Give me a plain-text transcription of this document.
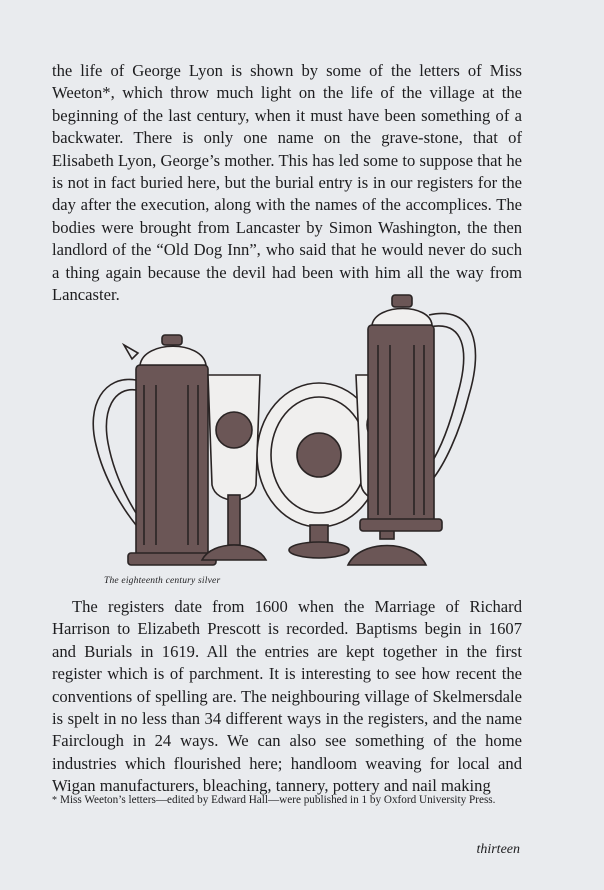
the life of George Lyon is shown by some of the letters of Miss Weeton*, which throw much light on the life of the village at the beginning of the last century, when it must have been something of a backwater. There is only one name on the grave-stone, that of Elisabeth Lyon, George’s mother. This has led some to suppose that he is not in fact buried here, but the burial entry is in our registers for the day after the execution, along with the names of the accomplices. The bodies were brought from Lancaster by Simon Washington, the then landlord of the “Old Dog Inn”, who said that he would never do such a thing again because the devil had been with him all the way from Lancaster.

The eighteenth century silver

The registers date from 1600 when the Marriage of Richard Harrison to Elizabeth Prescott is recorded. Baptisms begin in 1607 and Burials in 1619. All the entries are kept together in the first register which is of parchment. It is interesting to see how recent the conventions of spelling are. The neighbouring village of Skelmersdale is spelt in no less than 34 different ways in the registers, and the name Fairclough in 24 ways. We can also see something of the home industries which flourished here; handloom weaving for local and Wigan manufacturers, bleaching, tannery, pottery and nail making

* Miss Weeton’s letters—edited by Edward Hall—were published in 1 by Oxford University Press.

thirteen
